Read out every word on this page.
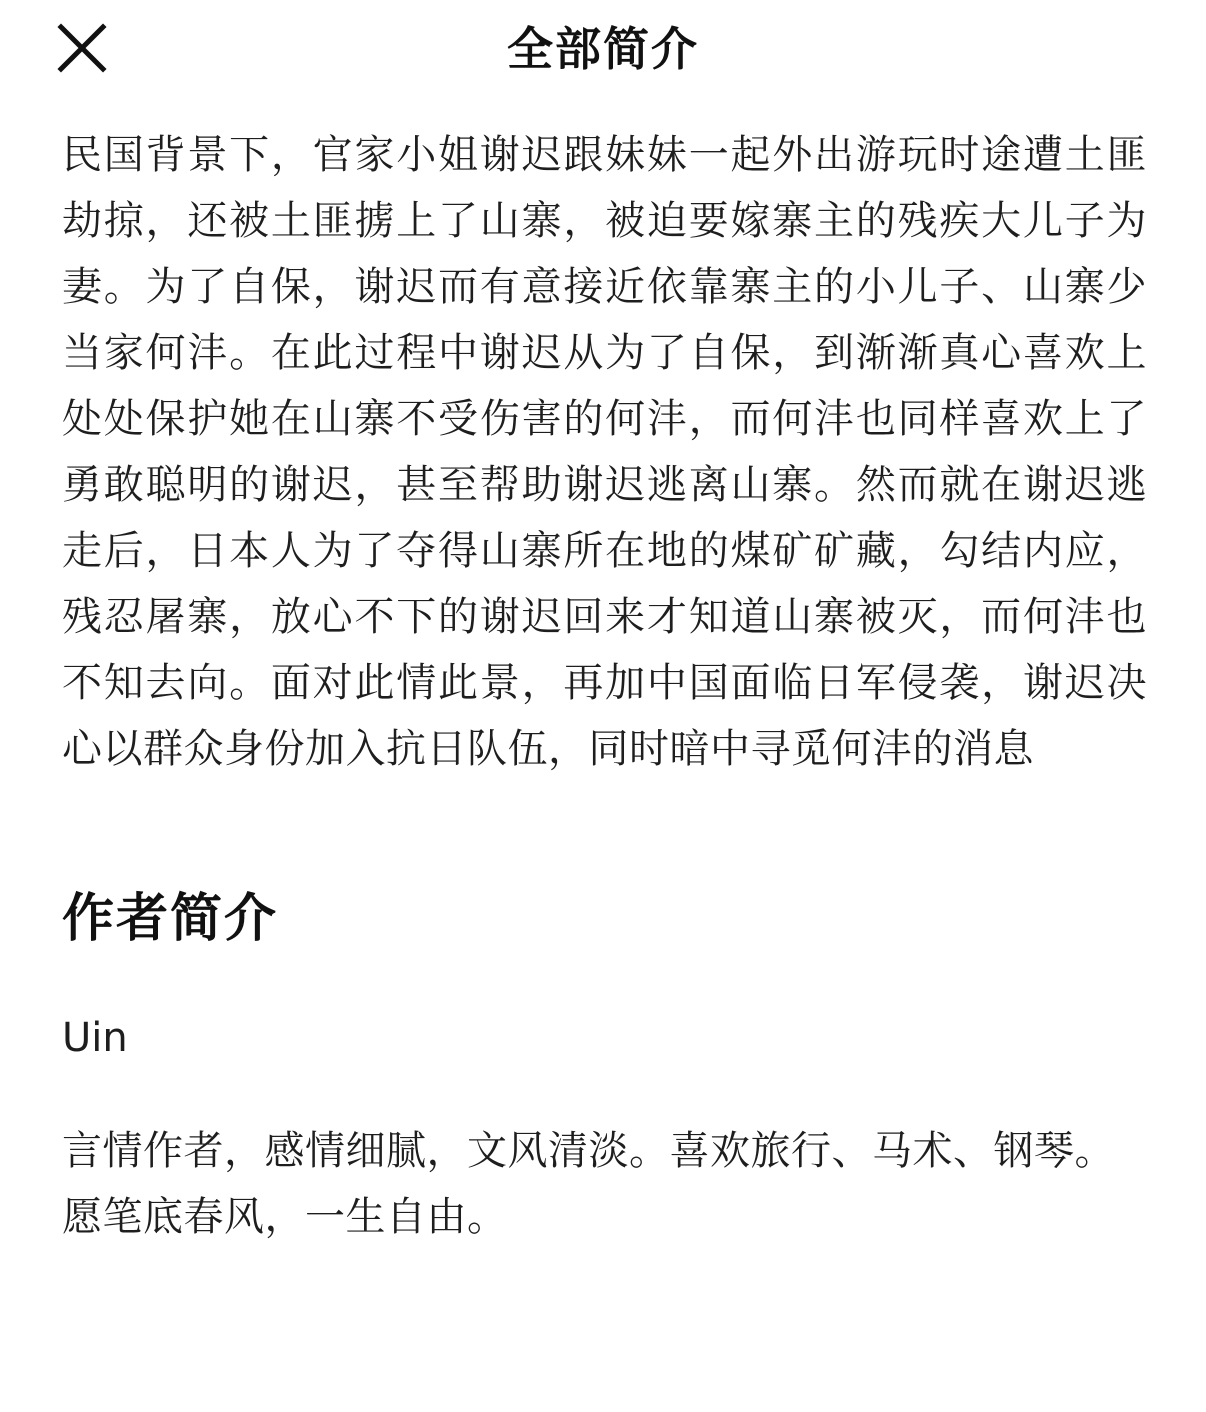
全部简介

民国背景下，官家小姐谢迟跟妹妹一起外出游玩时途遭土匪劫掠，还被土匪掳上了山寨，被迫要嫁寨主的残疾大儿子为妻。为了自保，谢迟而有意接近依靠寨主的小儿子、山寨少当家何沣。在此过程中谢迟从为了自保，到渐渐真心喜欢上处处保护她在山寨不受伤害的何沣，而何沣也同样喜欢上了勇敢聪明的谢迟，甚至帮助谢迟逃离山寨。然而就在谢迟逃走后，日本人为了夺得山寨所在地的煤矿矿藏，勾结内应，残忍屠寨，放心不下的谢迟回来才知道山寨被灭，而何沣也不知去向。面对此情此景，再加中国面临日军侵袭，谢迟决心以群众身份加入抗日队伍，同时暗中寻觅何沣的消息

作者简介
Uin

言情作者，感情细腻，文风清淡。喜欢旅行、马术、钢琴。愿笔底春风，一生自由。
